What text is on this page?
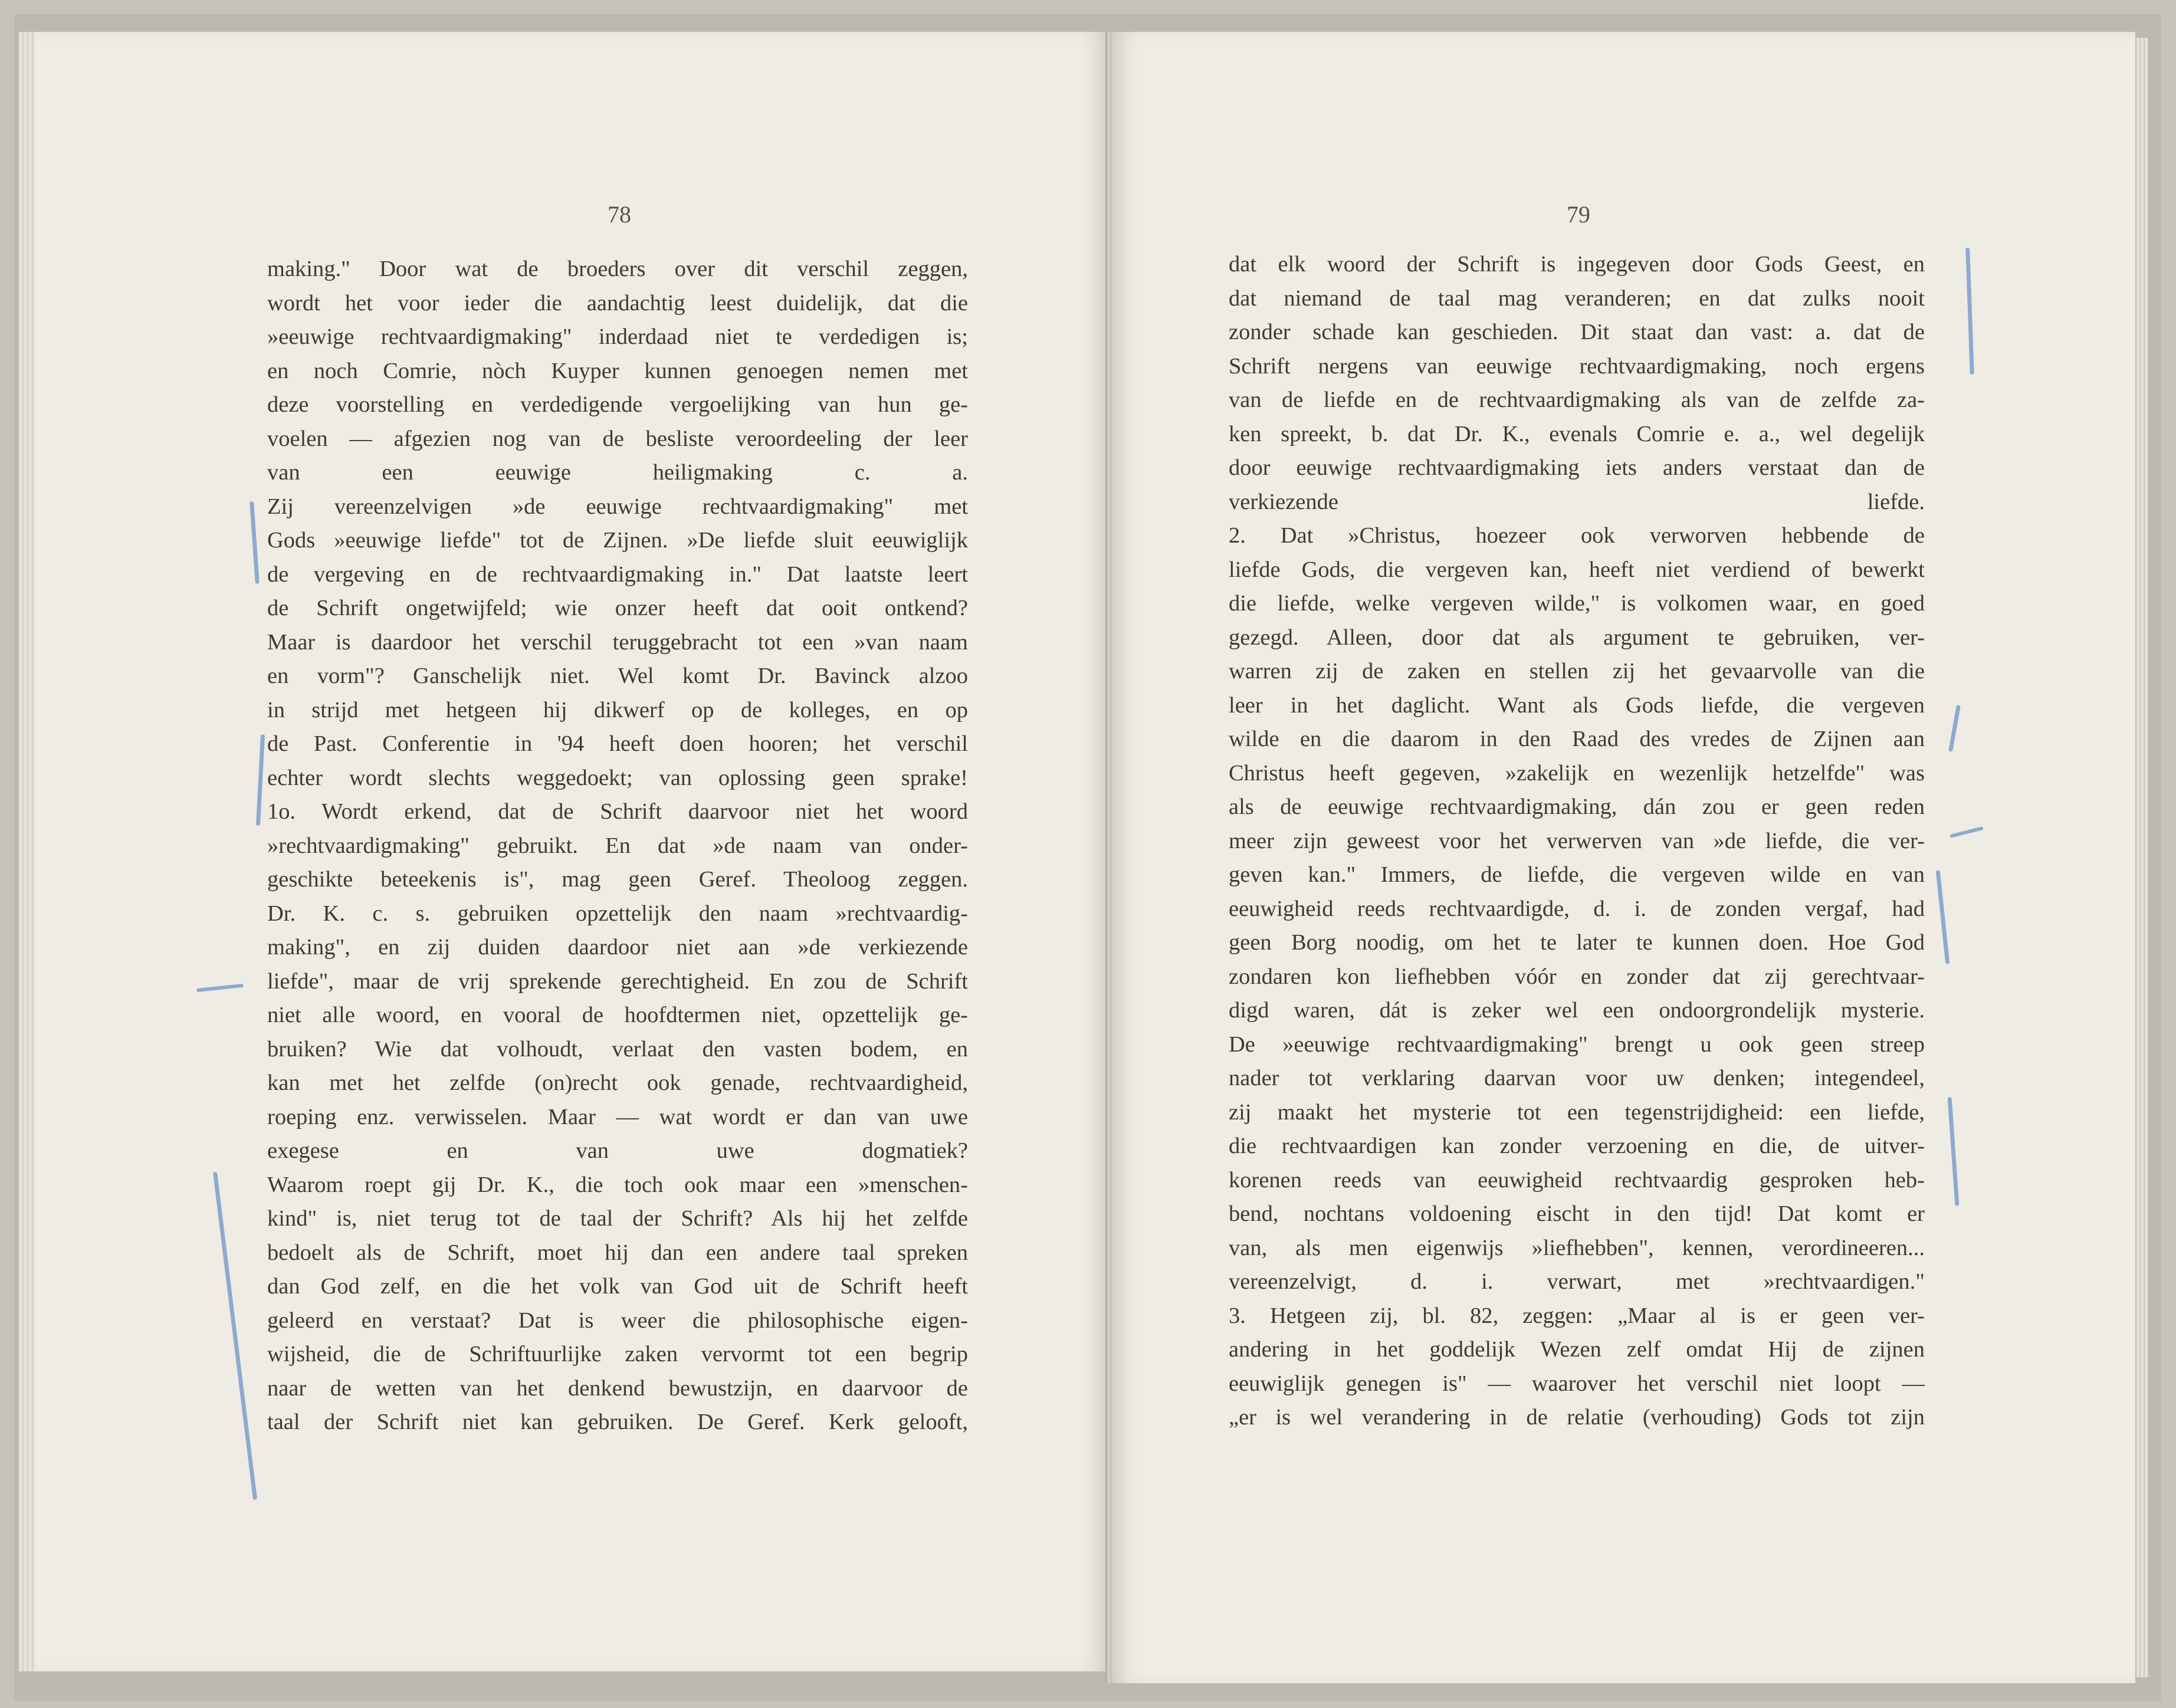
78	79

making." Door wat de broeders over dit verschil zeggen,

wordt het voor ieder die aandachtig leest duidelijk, dat die

»eeuwige rechtvaardigmaking" inderdaad niet te verdedigen is;

en noch Comrie, nòch Kuyper kunnen genoegen nemen met

deze voorstelling en verdedigende vergoelijking van hun ge-

voelen — afgezien nog van de besliste veroordeeling der leer

van een eeuwige heiligmaking c. a.

Zij vereenzelvigen »de eeuwige rechtvaardigmaking" met

Gods »eeuwige liefde" tot de Zijnen. »De liefde sluit eeuwiglijk

de vergeving en de rechtvaardigmaking in." Dat laatste leert

de Schrift ongetwijfeld; wie onzer heeft dat ooit ontkend?

Maar is daardoor het verschil teruggebracht tot een »van naam

en vorm"? Ganschelijk niet. Wel komt Dr. Bavinck alzoo

in strijd met hetgeen hij dikwerf op de kolleges, en op

de Past. Conferentie in '94 heeft doen hooren; het verschil

echter wordt slechts weggedoekt; van oplossing geen sprake!

1o. Wordt erkend, dat de Schrift daarvoor niet het woord

»rechtvaardigmaking" gebruikt. En dat »de naam van onder-

geschikte beteekenis is", mag geen Geref. Theoloog zeggen.

Dr. K. c. s. gebruiken opzettelijk den naam »rechtvaardig-

making", en zij duiden daardoor niet aan »de verkiezende

liefde", maar de vrij sprekende gerechtigheid. En zou de Schrift

niet alle woord, en vooral de hoofdtermen niet, opzettelijk ge-

bruiken? Wie dat volhoudt, verlaat den vasten bodem, en

kan met het zelfde (on)recht ook genade, rechtvaardigheid,

roeping enz. verwisselen. Maar — wat wordt er dan van uwe

exegese en van uwe dogmatiek?

Waarom roept gij Dr. K., die toch ook maar een »menschen-

kind" is, niet terug tot de taal der Schrift? Als hij het zelfde

bedoelt als de Schrift, moet hij dan een andere taal spreken

dan God zelf, en die het volk van God uit de Schrift heeft

geleerd en verstaat? Dat is weer die philosophische eigen-

wijsheid, die de Schriftuurlijke zaken vervormt tot een begrip

naar de wetten van het denkend bewustzijn, en daarvoor de

taal der Schrift niet kan gebruiken. De Geref. Kerk gelooft,

dat elk woord der Schrift is ingegeven door Gods Geest, en

dat niemand de taal mag veranderen; en dat zulks nooit

zonder schade kan geschieden. Dit staat dan vast: a. dat de

Schrift nergens van eeuwige rechtvaardigmaking, noch ergens

van de liefde en de rechtvaardigmaking als van de zelfde za-

ken spreekt, b. dat Dr. K., evenals Comrie e. a., wel degelijk

door eeuwige rechtvaardigmaking iets anders verstaat dan de

verkiezende liefde.

2. Dat »Christus, hoezeer ook verworven hebbende de

liefde Gods, die vergeven kan, heeft niet verdiend of bewerkt

die liefde, welke vergeven wilde," is volkomen waar, en goed

gezegd. Alleen, door dat als argument te gebruiken, ver-

warren zij de zaken en stellen zij het gevaarvolle van die

leer in het daglicht. Want als Gods liefde, die vergeven

wilde en die daarom in den Raad des vredes de Zijnen aan

Christus heeft gegeven, »zakelijk en wezenlijk hetzelfde" was

als de eeuwige rechtvaardigmaking, dán zou er geen reden

meer zijn geweest voor het verwerven van »de liefde, die ver-

geven kan." Immers, de liefde, die vergeven wilde en van

eeuwigheid reeds rechtvaardigde, d. i. de zonden vergaf, had

geen Borg noodig, om het te later te kunnen doen. Hoe God

zondaren kon liefhebben vóór en zonder dat zij gerechtvaar-

digd waren, dát is zeker wel een ondoorgrondelijk mysterie.

De »eeuwige rechtvaardigmaking" brengt u ook geen streep

nader tot verklaring daarvan voor uw denken; integendeel,

zij maakt het mysterie tot een tegenstrijdigheid: een liefde,

die rechtvaardigen kan zonder verzoening en die, de uitver-

korenen reeds van eeuwigheid rechtvaardig gesproken heb-

bend, nochtans voldoening eischt in den tijd! Dat komt er

van, als men eigenwijs »liefhebben", kennen, verordineeren...

vereenzelvigt, d. i. verwart, met »rechtvaardigen."

3. Hetgeen zij, bl. 82, zeggen: „Maar al is er geen ver-

andering in het goddelijk Wezen zelf omdat Hij de zijnen

eeuwiglijk genegen is" — waarover het verschil niet loopt —

„er is wel verandering in de relatie (verhouding) Gods tot zijn
